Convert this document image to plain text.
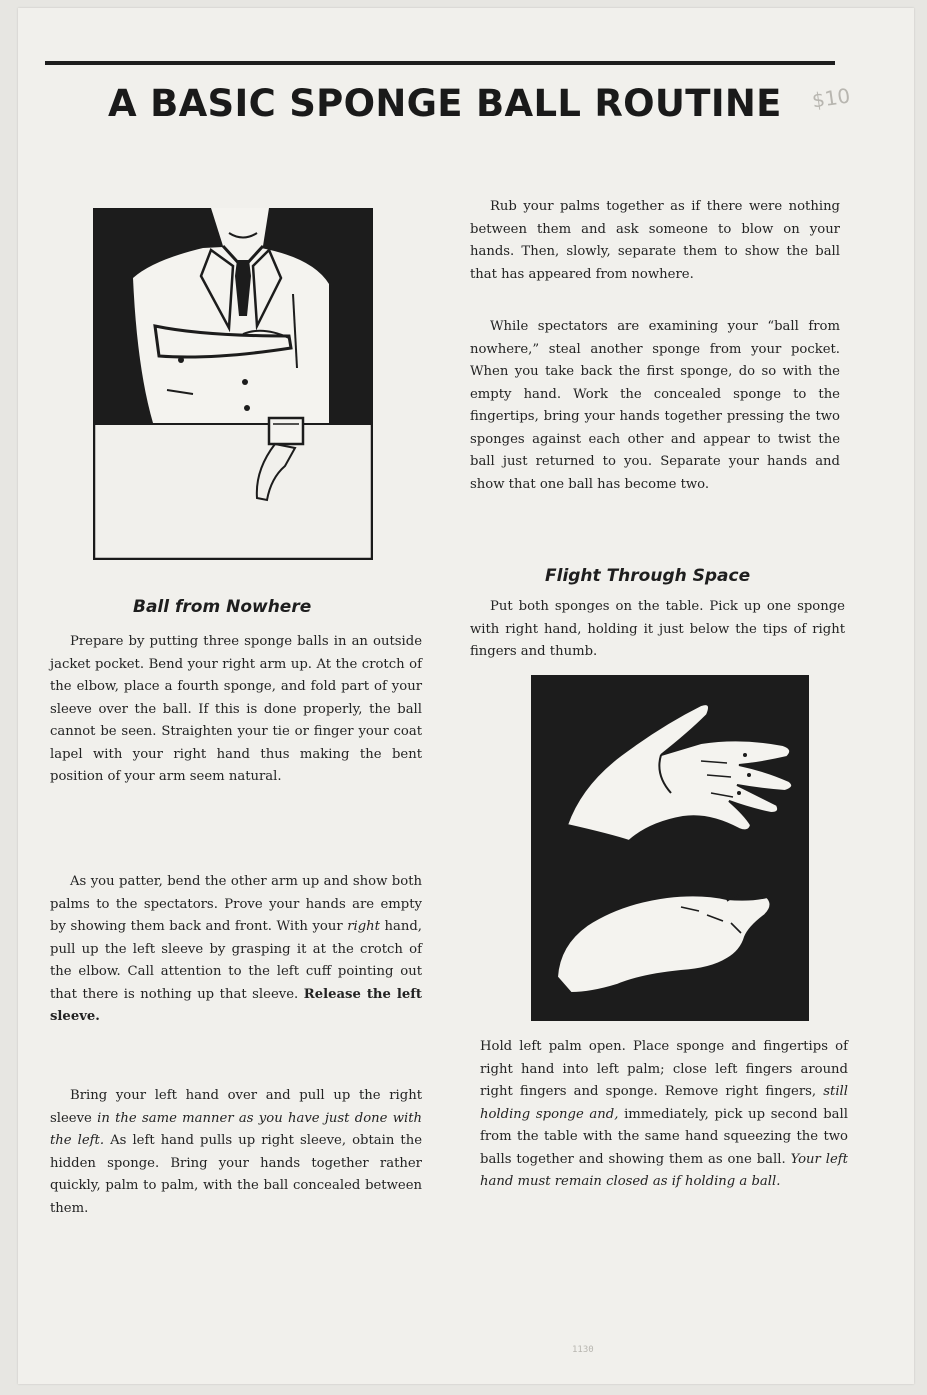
A BASIC SPONGE BALL ROUTINE	$10
Ball from Nowhere

Prepare by putting three sponge balls in an outside jacket pocket. Bend your right arm up. At the crotch of the elbow, place a fourth sponge, and fold part of your sleeve over the ball. If this is done properly, the ball cannot be seen. Straighten your tie or finger your coat lapel with your right hand thus making the bent position of your arm seem natural.

As you patter, bend the other arm up and show both palms to the spectators. Prove your hands are empty by showing them back and front. With your right hand, pull up the left sleeve by grasping it at the crotch of the elbow. Call attention to the left cuff pointing out that there is nothing up that sleeve. Release the left sleeve.

Bring your left hand over and pull up the right sleeve in the same manner as you have just done with the left. As left hand pulls up right sleeve, obtain the hidden sponge. Bring your hands together rather quickly, palm to palm, with the ball concealed between them.

Rub your palms together as if there were nothing between them and ask someone to blow on your hands. Then, slowly, separate them to show the ball that has appeared from nowhere.

While spectators are examining your “ball from nowhere,” steal another sponge from your pocket. When you take back the first sponge, do so with the empty hand. Work the concealed sponge to the fingertips, bring your hands together pressing the two sponges against each other and appear to twist the ball just returned to you. Separate your hands and show that one ball has become two.

Flight Through Space

Put both sponges on the table. Pick up one sponge with right hand, holding it just below the tips of right fingers and thumb.

Hold left palm open. Place sponge and fingertips of right hand into left palm; close left fingers around right fingers and sponge. Remove right fingers, still holding sponge and, immediately, pick up second ball from the table with the same hand squeezing the two balls together and showing them as one ball. Your left hand must remain closed as if holding a ball.

1130
